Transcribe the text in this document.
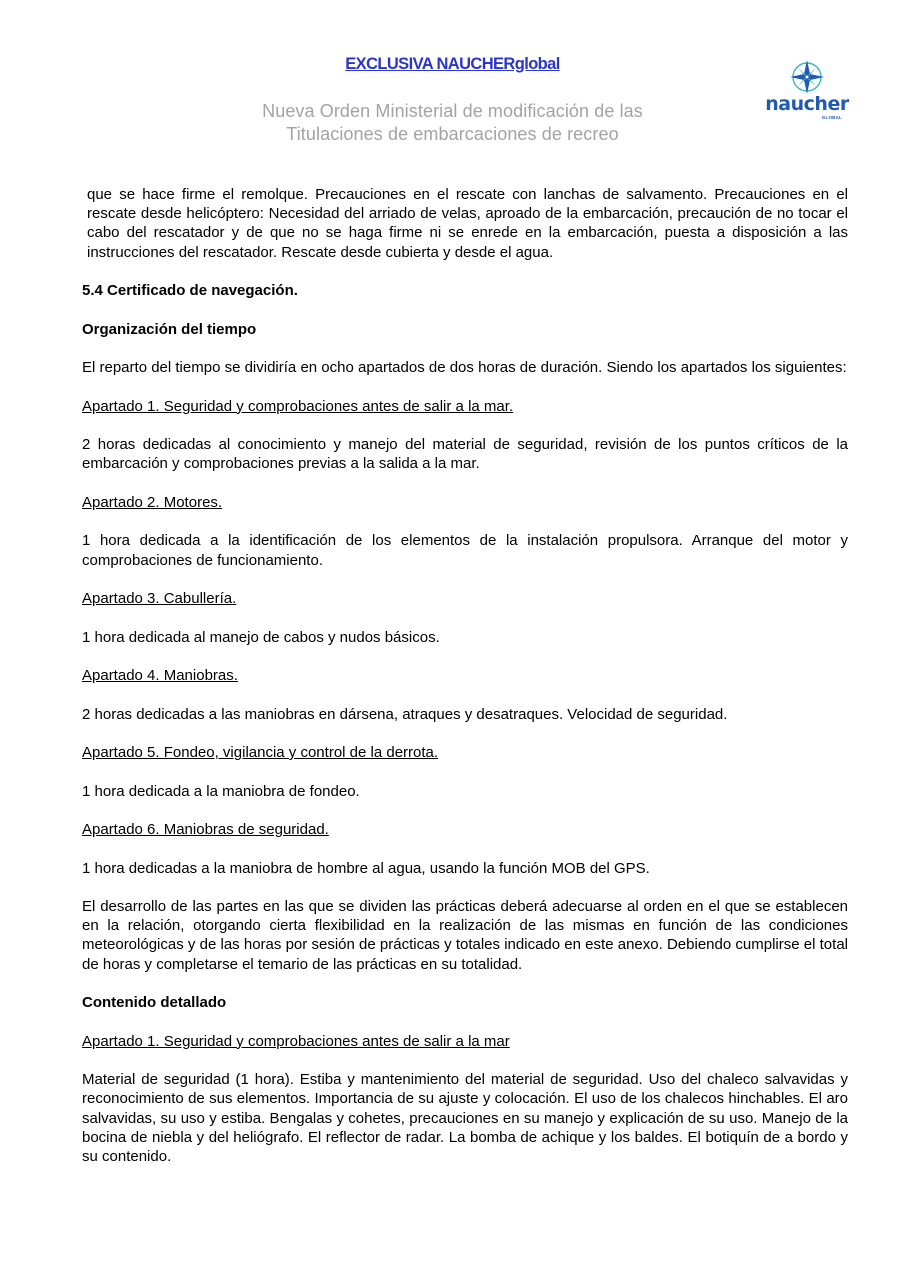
EXCLUSIVA NAUCHERglobal
Nueva Orden Ministerial de modificación de las
Titulaciones de embarcaciones de recreo
naucher
GLOBAL

que se hace firme el remolque. Precauciones en el rescate con lanchas de salvamento. Precauciones en el rescate desde helicóptero: Necesidad del arriado de velas, aproado de la embarcación, precaución de no tocar el cabo del rescatador y de que no se haga firme ni se enrede en la embarcación, puesta a disposición a las instrucciones del rescatador. Rescate desde cubierta y desde el agua.

5.4 Certificado de navegación.

Organización del tiempo

El reparto del tiempo se dividiría en ocho apartados de dos horas de duración. Siendo los apartados los siguientes:

Apartado 1. Seguridad y comprobaciones antes de salir a la mar.

2 horas dedicadas al conocimiento y manejo del material de seguridad, revisión de los puntos críticos de la embarcación y comprobaciones previas a la salida a la mar.

Apartado 2. Motores.

1 hora dedicada a la identificación de los elementos de la instalación propulsora. Arranque del motor y comprobaciones de funcionamiento.

Apartado 3. Cabullería.

1 hora dedicada al manejo de cabos y nudos básicos.

Apartado 4. Maniobras.

2 horas dedicadas a las maniobras en dársena, atraques y desatraques. Velocidad de seguridad.

Apartado 5. Fondeo, vigilancia y control de la derrota.

1 hora dedicada a la maniobra de fondeo.

Apartado 6. Maniobras de seguridad.

1 hora dedicadas a la maniobra de hombre al agua, usando la función MOB del GPS.

El desarrollo de las partes en las que se dividen las prácticas deberá adecuarse al orden en el que se establecen en la relación, otorgando cierta flexibilidad en la realización de las mismas en función de las condiciones meteorológicas y de las horas por sesión de prácticas y totales indicado en este anexo. Debiendo cumplirse el total de horas y completarse el temario de las prácticas en su totalidad.

Contenido detallado

Apartado 1. Seguridad y comprobaciones antes de salir a la mar

Material de seguridad (1 hora). Estiba y mantenimiento del material de seguridad. Uso del chaleco salvavidas y reconocimiento de sus elementos. Importancia de su ajuste y colocación. El uso de los chalecos hinchables. El aro salvavidas, su uso y estiba. Bengalas y cohetes, precauciones en su manejo y explicación de su uso. Manejo de la bocina de niebla y del heliógrafo. El reflector de radar. La bomba de achique y los baldes. El botiquín de a bordo y su contenido.
